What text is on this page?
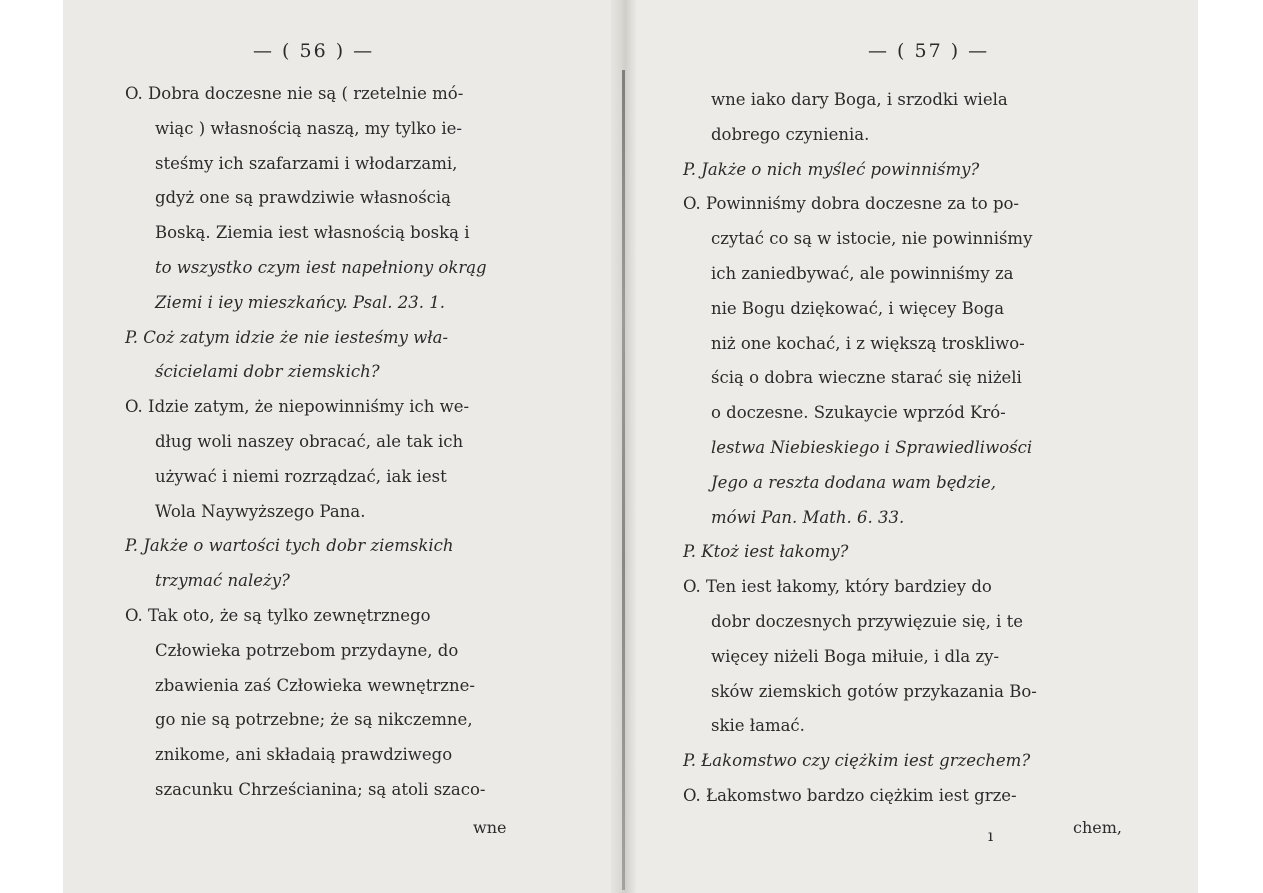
— ( 56 ) —
O. Dobra doczesne nie są ( rzetelnie mó-
wiąc ) własnością naszą, my tylko ie-
steśmy ich szafarzami i włodarzami,
gdyż one są prawdziwie własnością
Boską. Ziemia iest własnością boską i
to wszystko czym iest napełniony okrąg
Ziemi i iey mieszkańcy. Psal. 23. 1.
P. Coż zatym idzie że nie iesteśmy wła-
ścicielami dobr ziemskich?
O. Idzie zatym, że niepowinniśmy ich we-
dług woli naszey obracać, ale tak ich
używać i niemi rozrządzać, iak iest
Wola Naywyższego Pana.
P. Jakże o wartości tych dobr ziemskich
trzymać należy?
O. Tak oto, że są tylko zewnętrznego
Człowieka potrzebom przydayne, do
zbawienia zaś Człowieka wewnętrzne-
go nie są potrzebne; że są nikczemne,
znikome, ani składaią prawdziwego
szacunku Chrześcianina; są atoli szaco-
wne
— ( 57 ) —
wne iako dary Boga, i srzodki wiela
dobrego czynienia.
P. Jakże o nich myśleć powinniśmy?
O. Powinniśmy dobra doczesne za to po-
czytać co są w istocie, nie powinniśmy
ich zaniedbywać, ale powinniśmy za
nie Bogu dziękować, i więcey Boga
niż one kochać, i z większą troskliwo-
ścią o dobra wieczne starać się niżeli
o doczesne. Szukaycie wprzód Kró-
lestwa Niebieskiego i Sprawiedliwości
Jego a reszta dodana wam będzie,
mówi Pan. Math. 6. 33.
P. Ktoż iest łakomy?
O. Ten iest łakomy, który bardziey do
dobr doczesnych przywięzuie się, i te
więcey niżeli Boga miłuie, i dla zy-
sków ziemskich gotów przykazania Bo-
skie łamać.
P. Łakomstwo czy ciężkim iest grzechem?
O. Łakomstwo bardzo ciężkim iest grze-
ı	chem,
